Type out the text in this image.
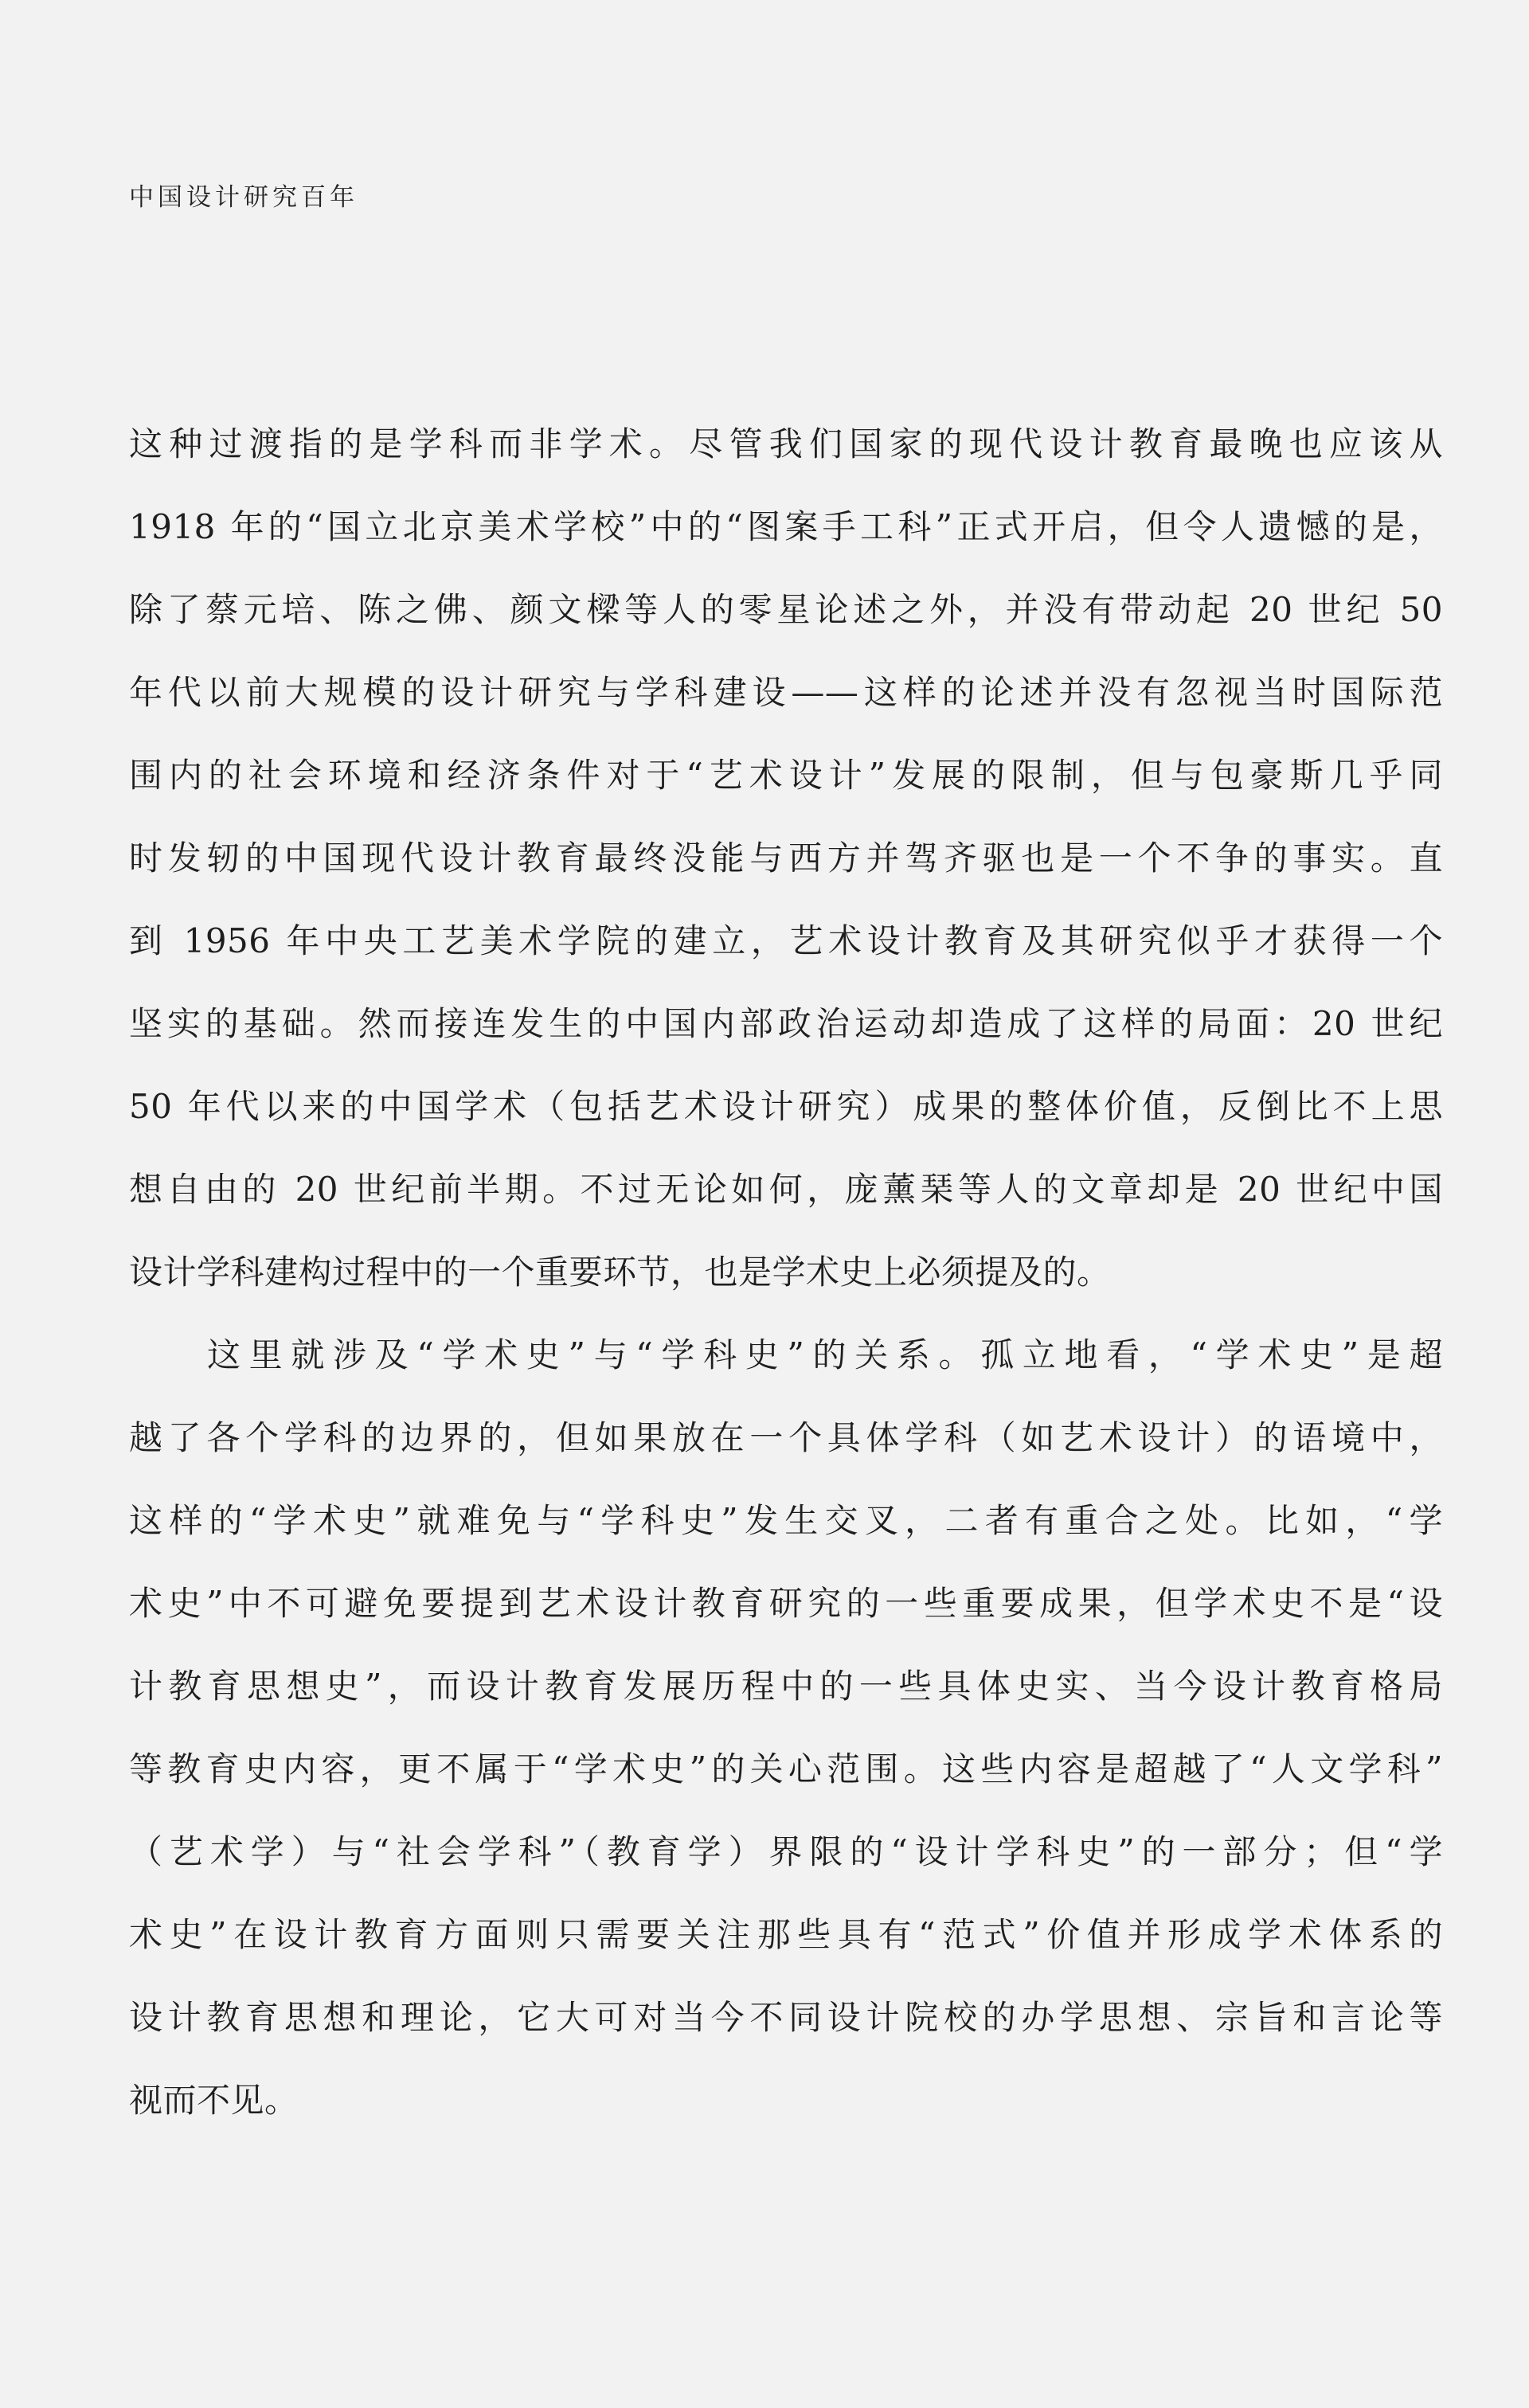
中国设计研究百年
这种过渡指的是学科而非学术。尽管我们国家的现代设计教育最晚也应该从
1918 年的“国立北京美术学校”中的“图案手工科”正式开启，但令人遗憾的是，
除了蔡元培、陈之佛、颜文樑等人的零星论述之外，并没有带动起 20 世纪 50
年代以前大规模的设计研究与学科建设——这样的论述并没有忽视当时国际范
围内的社会环境和经济条件对于“艺术设计”发展的限制，但与包豪斯几乎同
时发轫的中国现代设计教育最终没能与西方并驾齐驱也是一个不争的事实。直
到 1956 年中央工艺美术学院的建立，艺术设计教育及其研究似乎才获得一个
坚实的基础。然而接连发生的中国内部政治运动却造成了这样的局面：20 世纪
50 年代以来的中国学术（包括艺术设计研究）成果的整体价值，反倒比不上思
想自由的 20 世纪前半期。不过无论如何，庞薰琹等人的文章却是 20 世纪中国
设计学科建构过程中的一个重要环节，也是学术史上必须提及的。
这里就涉及“学术史”与“学科史”的关系。孤立地看，“学术史”是超
越了各个学科的边界的，但如果放在一个具体学科（如艺术设计）的语境中，
这样的“学术史”就难免与“学科史”发生交叉，二者有重合之处。比如，“学
术史”中不可避免要提到艺术设计教育研究的一些重要成果，但学术史不是“设
计教育思想史”，而设计教育发展历程中的一些具体史实、当今设计教育格局
等教育史内容，更不属于“学术史”的关心范围。这些内容是超越了“人文学科”
（艺术学）与“社会学科”（教育学）界限的“设计学科史”的一部分；但“学
术史”在设计教育方面则只需要关注那些具有“范式”价值并形成学术体系的
设计教育思想和理论，它大可对当今不同设计院校的办学思想、宗旨和言论等
视而不见。
